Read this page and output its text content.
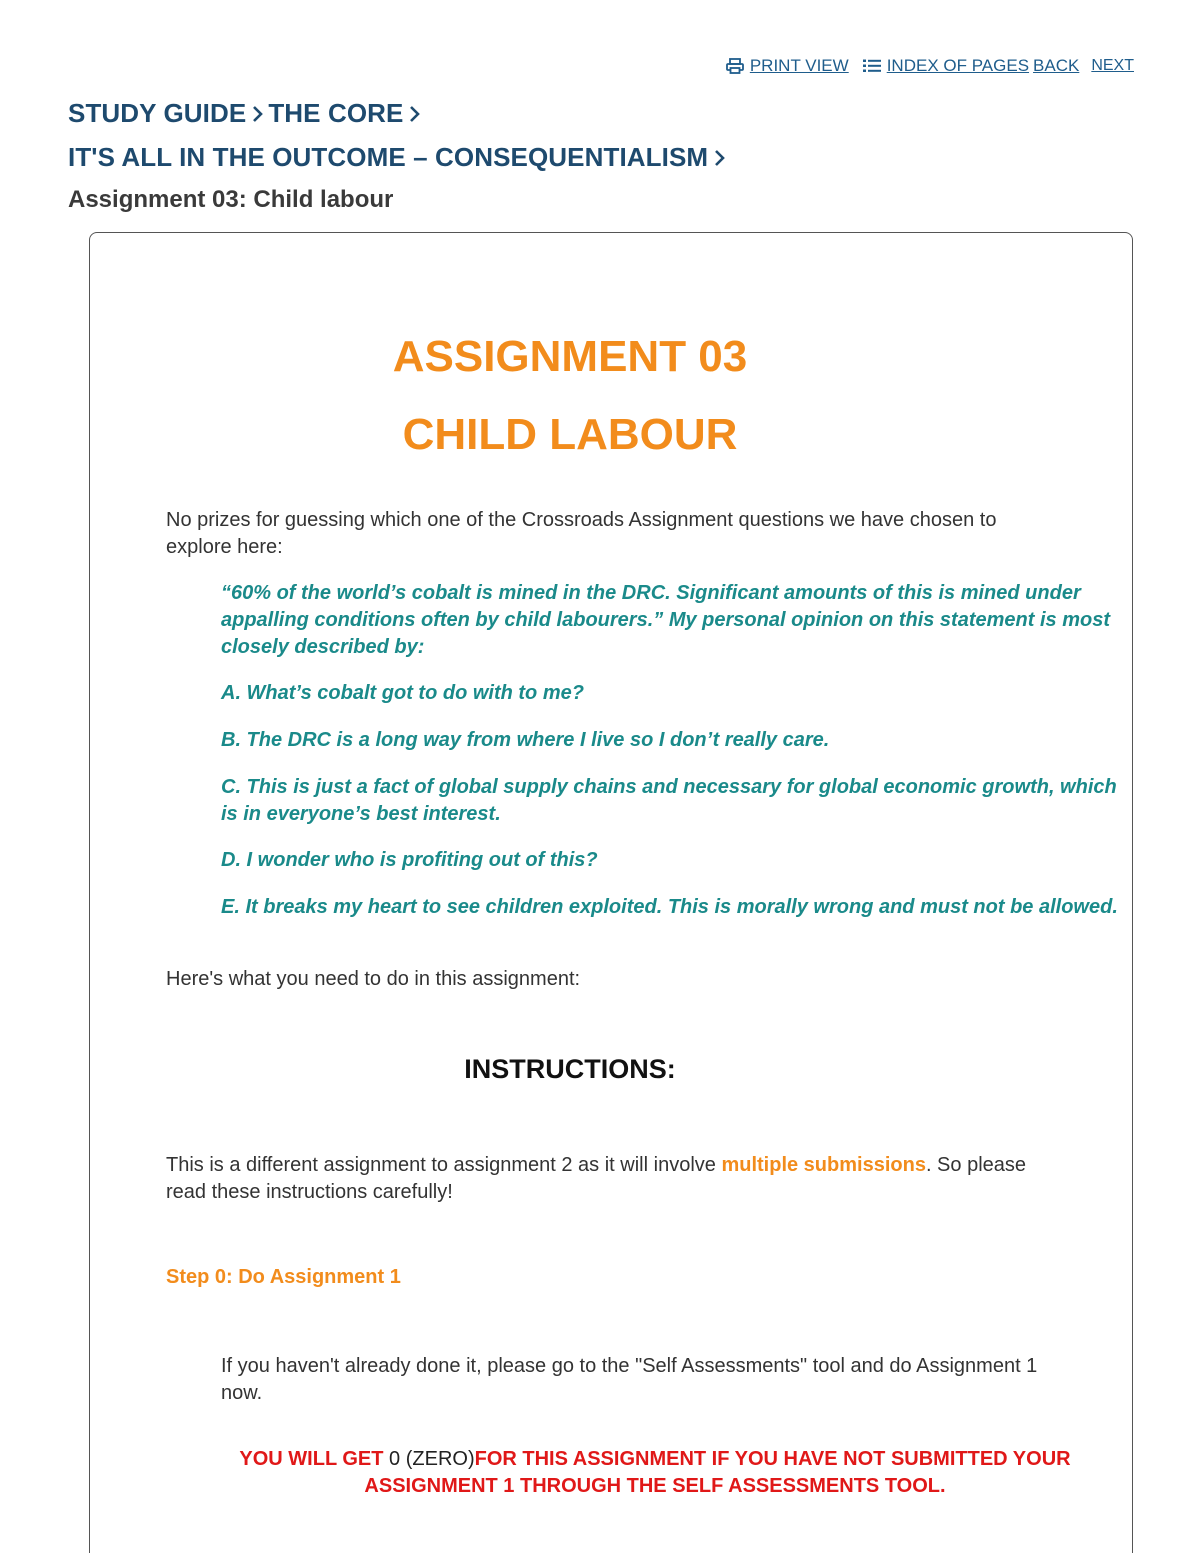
PRINT VIEW INDEX OF PAGES BACK NEXT
STUDY GUIDE THE CORE
IT'S ALL IN THE OUTCOME – CONSEQUENTIALISM
Assignment 03: Child labour
ASSIGNMENT 03
CHILD LABOUR
No prizes for guessing which one of the Crossroads Assignment questions we have chosen to
explore here:
“60% of the world’s cobalt is mined in the DRC. Significant amounts of this is mined under
appalling conditions often by child labourers.” My personal opinion on this statement is most
closely described by:
A. What’s cobalt got to do with to me?
B. The DRC is a long way from where I live so I don’t really care.
C. This is just a fact of global supply chains and necessary for global economic growth, which
is in everyone’s best interest.
D. I wonder who is profiting out of this?
E. It breaks my heart to see children exploited. This is morally wrong and must not be allowed.
Here's what you need to do in this assignment:
INSTRUCTIONS:
This is a different assignment to assignment 2 as it will involve multiple submissions. So please
read these instructions carefully!
Step 0: Do Assignment 1
If you haven't already done it, please go to the "Self Assessments" tool and do Assignment 1
now.
YOU WILL GET 0 (ZERO)FOR THIS ASSIGNMENT IF YOU HAVE NOT SUBMITTED YOUR
ASSIGNMENT 1 THROUGH THE SELF ASSESSMENTS TOOL.
